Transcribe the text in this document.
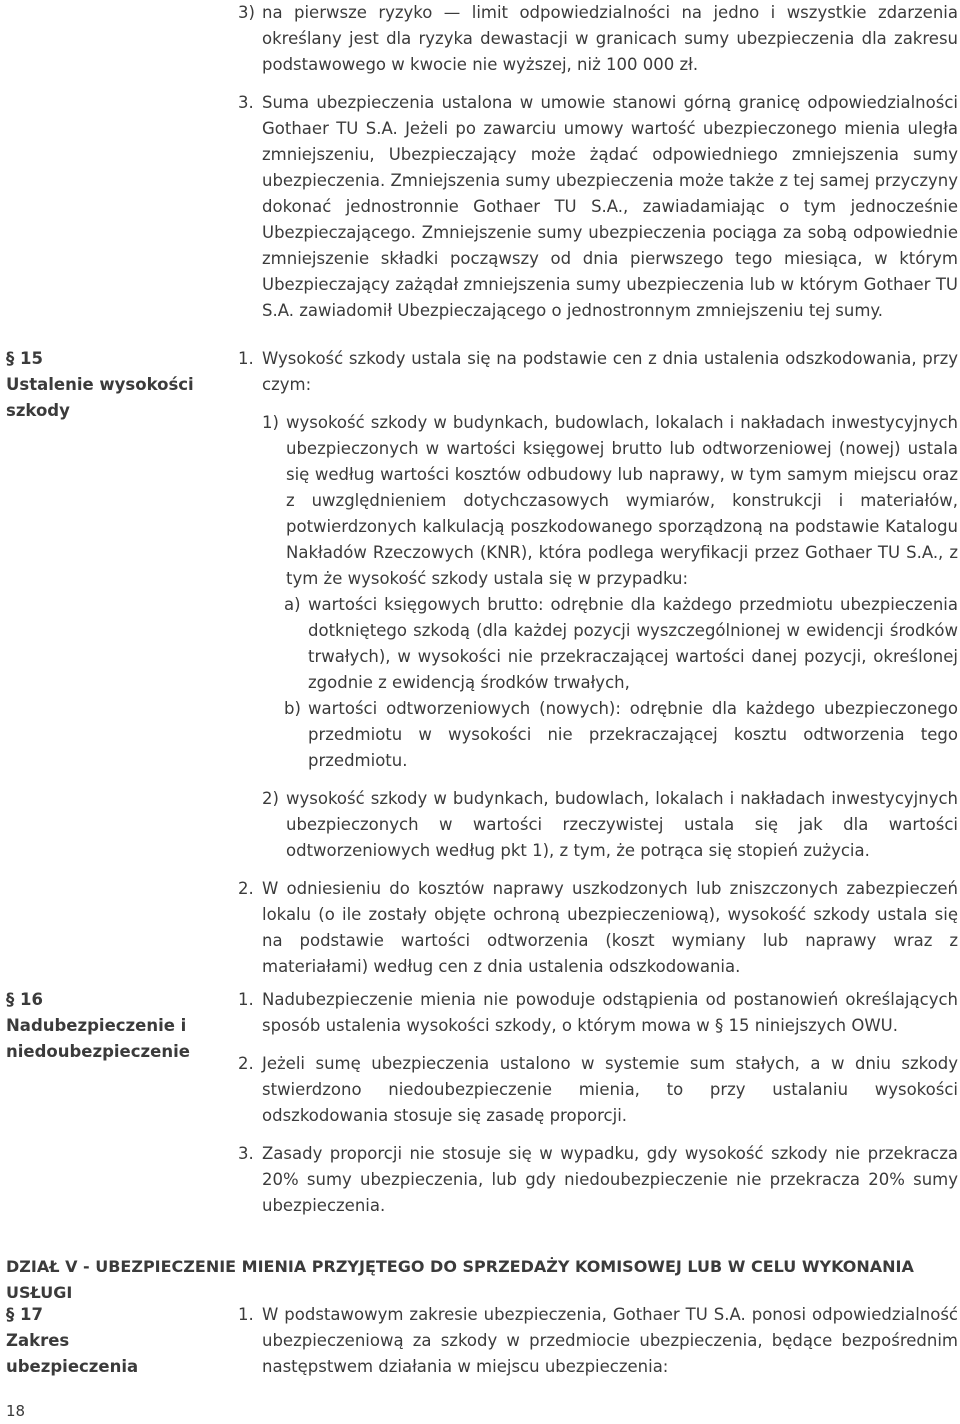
3) na pierwsze ryzyko — limit odpowiedzialności na jedno i wszystkie zdarzenia określany jest dla ryzyka dewastacji w granicach sumy ubezpieczenia dla zakresu podstawowego w kwocie nie wyższej, niż 100 000 zł.

3. Suma ubezpieczenia ustalona w umowie stanowi górną granicę odpowiedzialności Gothaer TU S.A. Jeżeli po zawarciu umowy wartość ubezpieczonego mienia uległa zmniejszeniu, Ubezpieczający może żądać odpowiedniego zmniejszenia sumy ubezpieczenia. Zmniejszenia sumy ubezpieczenia może także z tej samej przyczyny dokonać jednostronnie Gothaer TU S.A., zawiadamiając o tym jednocześnie Ubezpieczającego. Zmniejszenie sumy ubezpieczenia pociąga za sobą odpowiednie zmniejszenie składki począwszy od dnia pierwszego tego miesiąca, w którym Ubezpieczający zażądał zmniejszenia sumy ubezpieczenia lub w którym Gothaer TU S.A. zawiadomił Ubezpieczającego o jednostronnym zmniejszeniu tej sumy.

§ 15
Ustalenie wysokości szkody
1. Wysokość szkody ustala się na podstawie cen z dnia ustalenia odszkodowania, przy czym:

1) wysokość szkody w budynkach, budowlach, lokalach i nakładach inwestycyjnych ubezpieczonych w wartości księgowej brutto lub odtworzeniowej (nowej) ustala się według wartości kosztów odbudowy lub naprawy, w tym samym miejscu oraz z uwzględnieniem dotychczasowych wymiarów, konstrukcji i materiałów, potwierdzonych kalkulacją poszkodowanego sporządzoną na podstawie Katalogu Nakładów Rzeczowych (KNR), która podlega weryfikacji przez Gothaer TU S.A., z tym że wysokość szkody ustala się w przypadku:

a) wartości księgowych brutto: odrębnie dla każdego przedmiotu ubezpieczenia dotkniętego szkodą (dla każdej pozycji wyszczególnionej w ewidencji środków trwałych), w wysokości nie przekraczającej wartości danej pozycji, określonej zgodnie z ewidencją środków trwałych,

b) wartości odtworzeniowych (nowych): odrębnie dla każdego ubezpieczonego przedmiotu w wysokości nie przekraczającej kosztu odtworzenia tego przedmiotu.

2) wysokość szkody w budynkach, budowlach, lokalach i nakładach inwestycyjnych ubezpieczonych w wartości rzeczywistej ustala się jak dla wartości odtworzeniowych według pkt 1), z tym, że potrąca się stopień zużycia.

2. W odniesieniu do kosztów naprawy uszkodzonych lub zniszczonych zabezpieczeń lokalu (o ile zostały objęte ochroną ubezpieczeniową), wysokość szkody ustala się na podstawie wartości odtworzenia (koszt wymiany lub naprawy wraz z materiałami) według cen z dnia ustalenia odszkodowania.

§ 16
Nadubezpieczenie i niedoubezpieczenie
1. Nadubezpieczenie mienia nie powoduje odstąpienia od postanowień określających sposób ustalenia wysokości szkody, o którym mowa w § 15 niniejszych OWU.

2. Jeżeli sumę ubezpieczenia ustalono w systemie sum stałych, a w dniu szkody stwierdzono niedoubezpieczenie mienia, to przy ustalaniu wysokości odszkodowania stosuje się zasadę proporcji.

3. Zasady proporcji nie stosuje się w wypadku, gdy wysokość szkody nie przekracza 20% sumy ubezpieczenia, lub gdy niedoubezpieczenie nie przekracza 20% sumy ubezpieczenia.

DZIAŁ V - UBEZPIECZENIE MIENIA PRZYJĘTEGO DO SPRZEDAŻY KOMISOWEJ LUB W CELU WYKONANIA USŁUGI
§ 17
Zakres ubezpieczenia
1. W podstawowym zakresie ubezpieczenia, Gothaer TU S.A. ponosi odpowiedzialność ubezpieczeniową za szkody w przedmiocie ubezpieczenia, będące bezpośrednim następstwem działania w miejscu ubezpieczenia:

18
